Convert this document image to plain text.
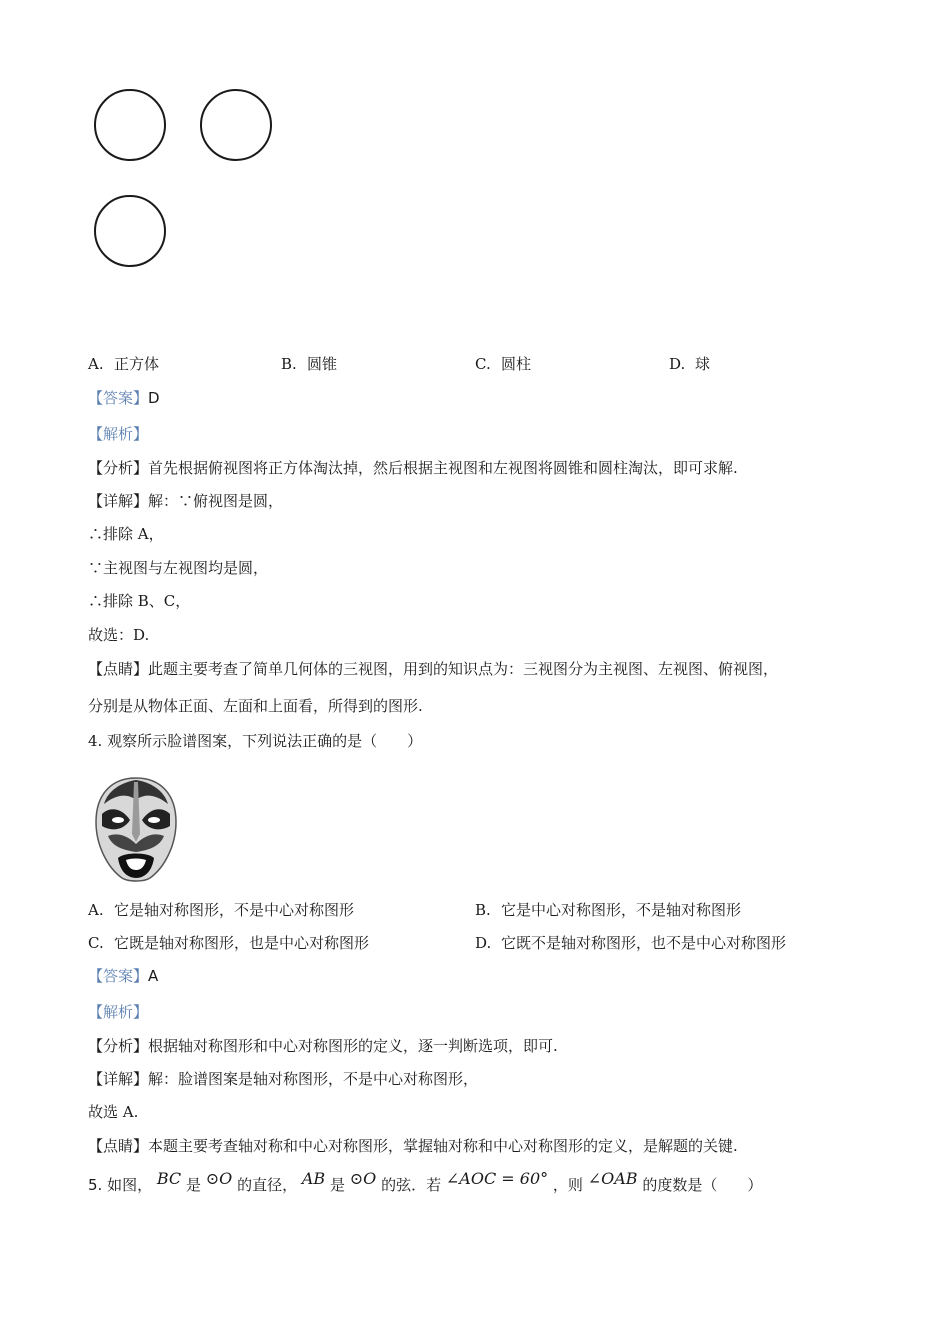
A. 正方体	B. 圆锥	C. 圆柱	D. 球
【答案】D
【解析】
【分析】首先根据俯视图将正方体淘汰掉，然后根据主视图和左视图将圆锥和圆柱淘汰，即可求解.
【详解】解：∵俯视图是圆，
∴排除 A，
∵主视图与左视图均是圆，
∴排除 B、C，
故选：D.
【点睛】此题主要考查了简单几何体的三视图，用到的知识点为：三视图分为主视图、左视图、俯视图，
分别是从物体正面、左面和上面看，所得到的图形.
4. 观察所示脸谱图案，下列说法正确的是（　　）
A. 它是轴对称图形，不是中心对称图形	B. 它是中心对称图形，不是轴对称图形
C. 它既是轴对称图形，也是中心对称图形	D. 它既不是轴对称图形，也不是中心对称图形
【答案】A
【解析】
【分析】根据轴对称图形和中心对称图形的定义，逐一判断选项，即可.
【详解】解：脸谱图案是轴对称图形，不是中心对称图形，
故选 A.
【点睛】本题主要考查轴对称和中心对称图形，掌握轴对称和中心对称图形的定义，是解题的关键.
5. 如图， BC 是 ⊙O 的直径， AB 是 ⊙O 的弦．若 ∠AOC = 60° ，则 ∠OAB 的度数是（　　）
